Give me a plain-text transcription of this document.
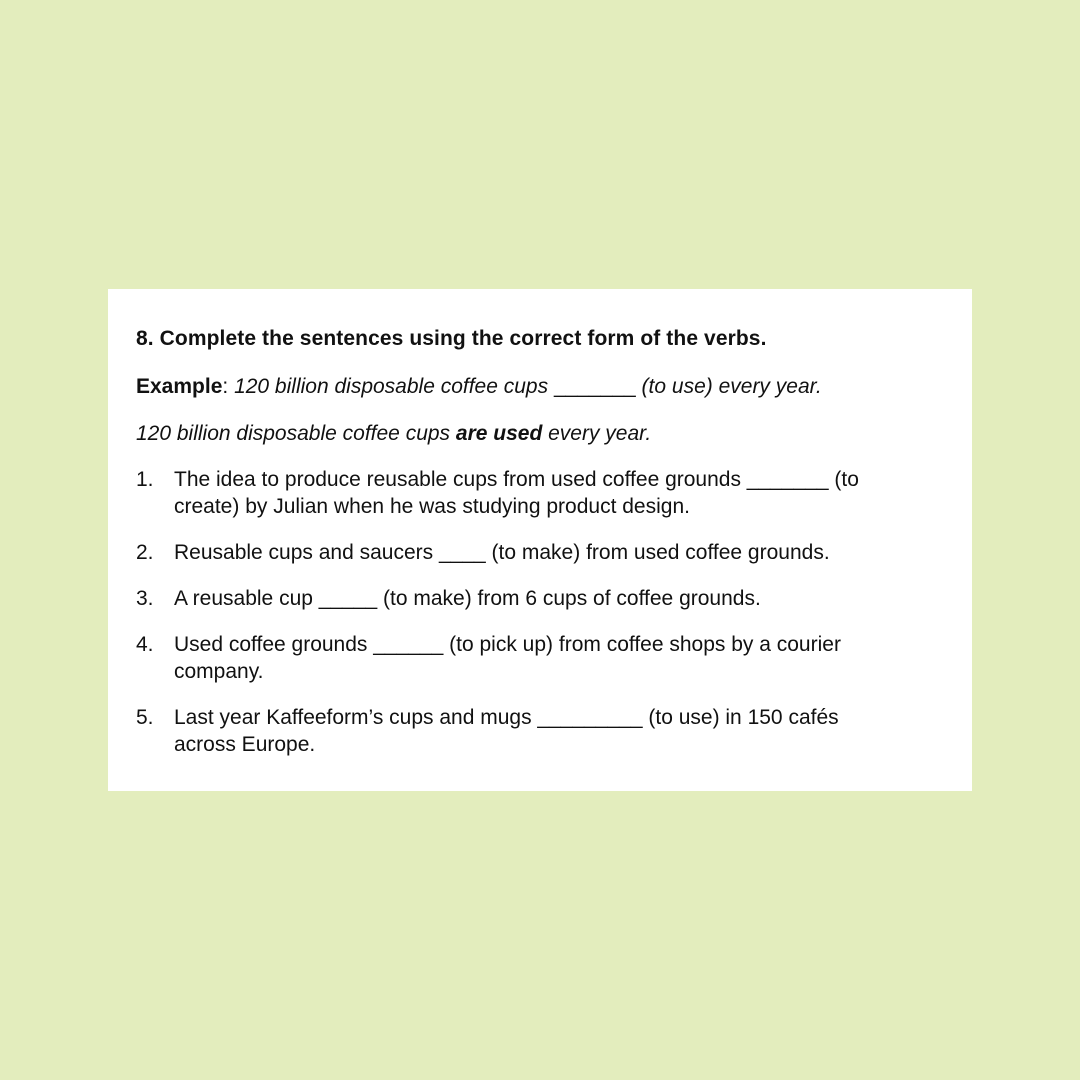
8. Complete the sentences using the correct form of the verbs.

Example: 120 billion disposable coffee cups _______ (to use) every year.

120 billion disposable coffee cups are used every year.

1. The idea to produce reusable cups from used coffee grounds _______ (to create) by Julian when he was studying product design.
2. Reusable cups and saucers ____ (to make) from used coffee grounds.
3. A reusable cup _____ (to make) from 6 cups of coffee grounds.
4. Used coffee grounds ______ (to pick up) from coffee shops by a courier company.
5. Last year Kaffeeform’s cups and mugs _________ (to use) in 150 cafés across Europe.
